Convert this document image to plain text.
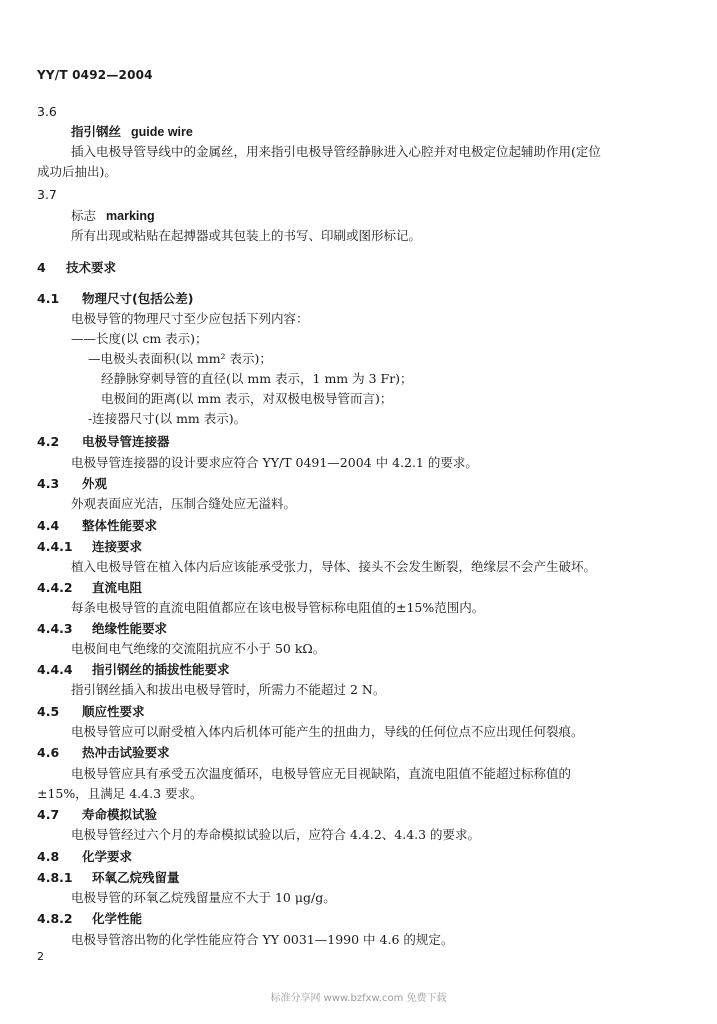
YY/T 0492—2004
3.6
指引钢丝 guide wire
插入电极导管导线中的金属丝，用来指引电极导管经静脉进入心腔并对电极定位起辅助作用(定位
成功后抽出)。
3.7
标志 marking
所有出现或粘贴在起搏器或其包装上的书写、印刷或图形标记。
4 技术要求
4.1 物理尺寸(包括公差)
电极导管的物理尺寸至少应包括下列内容：
——长度(以 cm 表示)；
—电极头表面积(以 mm² 表示)；
经静脉穿刺导管的直径(以 mm 表示，1 mm 为 3 Fr)；
电极间的距离(以 mm 表示，对双极电极导管而言)；
-连接器尺寸(以 mm 表示)。
4.2 电极导管连接器
电极导管连接器的设计要求应符合 YY/T 0491—2004 中 4.2.1 的要求。
4.3 外观
外观表面应光洁，压制合缝处应无溢料。
4.4 整体性能要求
4.4.1 连接要求
植入电极导管在植入体内后应该能承受张力，导体、接头不会发生断裂，绝缘层不会产生破坏。
4.4.2 直流电阻
每条电极导管的直流电阻值都应在该电极导管标称电阻值的±15%范围内。
4.4.3 绝缘性能要求
电极间电气绝缘的交流阻抗应不小于 50 kΩ。
4.4.4 指引钢丝的插拔性能要求
指引钢丝插入和拔出电极导管时，所需力不能超过 2 N。
4.5 顺应性要求
电极导管应可以耐受植入体内后机体可能产生的扭曲力，导线的任何位点不应出现任何裂痕。
4.6 热冲击试验要求
电极导管应具有承受五次温度循环，电极导管应无目视缺陷，直流电阻值不能超过标称值的
±15%，且满足 4.4.3 要求。
4.7 寿命模拟试验
电极导管经过六个月的寿命模拟试验以后，应符合 4.4.2、4.4.3 的要求。
4.8 化学要求
4.8.1 环氧乙烷残留量
电极导管的环氧乙烷残留量应不大于 10 μg/g。
4.8.2 化学性能
电极导管溶出物的化学性能应符合 YY 0031—1990 中 4.6 的规定。
2
标准分享网 www.bzfxw.com 免费下载
